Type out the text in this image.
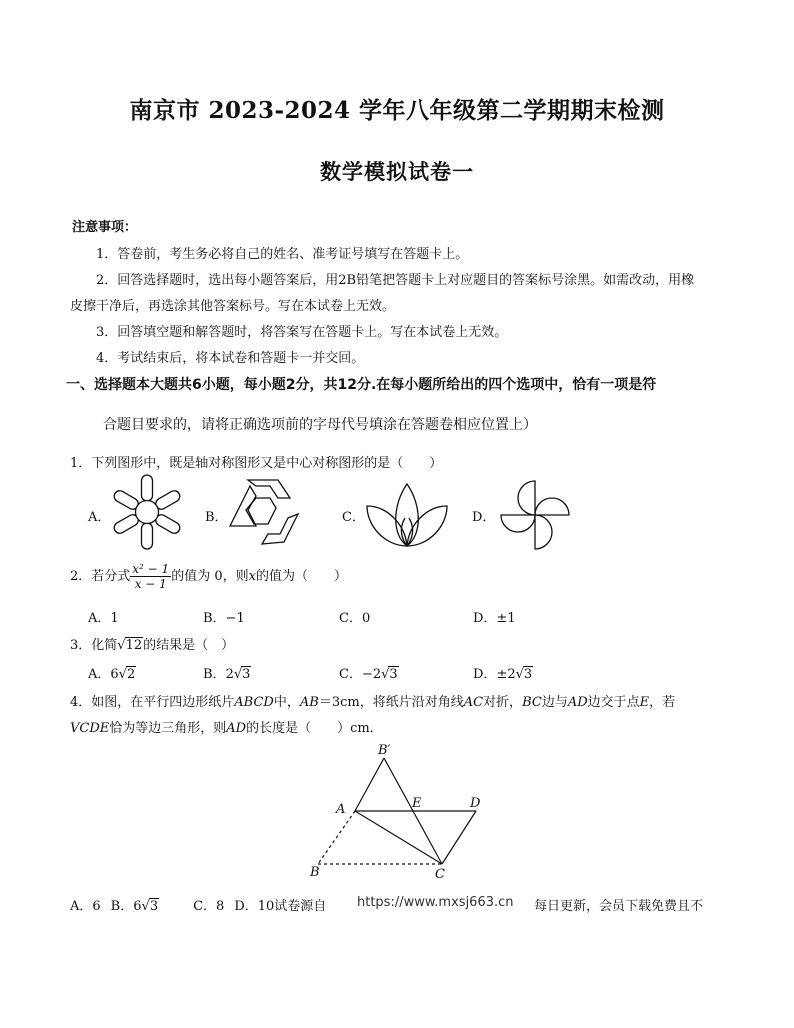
南京市 2023-2024 学年八年级第二学期期末检测
数学模拟试卷一
注意事项：
1．答卷前，考生务必将自己的姓名、准考证号填写在答题卡上。
2．回答选择题时，选出每小题答案后，用2B铅笔把答题卡上对应题目的答案标号涂黑。如需改动，用橡
皮擦干净后，再选涂其他答案标号。写在本试卷上无效。
3．回答填空题和解答题时，将答案写在答题卡上。写在本试卷上无效。
4．考试结束后，将本试卷和答题卡一并交回。
一、选择题本大题共6小题，每小题2分，共12分.在每小题所给出的四个选项中，恰有一项是符
合题目要求的，请将正确选项前的字母代号填涂在答题卷相应位置上）
1．下列图形中，既是轴对称图形又是中心对称图形的是（　　）
A．	B．	C．	D．
2．若分式 $\frac{\text{x² − 1}}{x - 1}$ 的值为 0，则x的值为（　　）
A．1	B．−1	C．0	D．±1
3．化简√12的结果是（　）
A．6√2	B．2√3	C．−2√3	D．±2√3
4．如图，在平行四边形纸片ABCD中，AB＝3cm，将纸片沿对角线AC对折，BC边与AD边交于点E，若
VCDE恰为等边三角形，则AD的长度是（　　）cm．
B′
A	E	D
B	C
A．6 B．6√3	C．8 D．10试卷源自 https://www.mxsj663.cn 每日更新，会员下载免费且不
